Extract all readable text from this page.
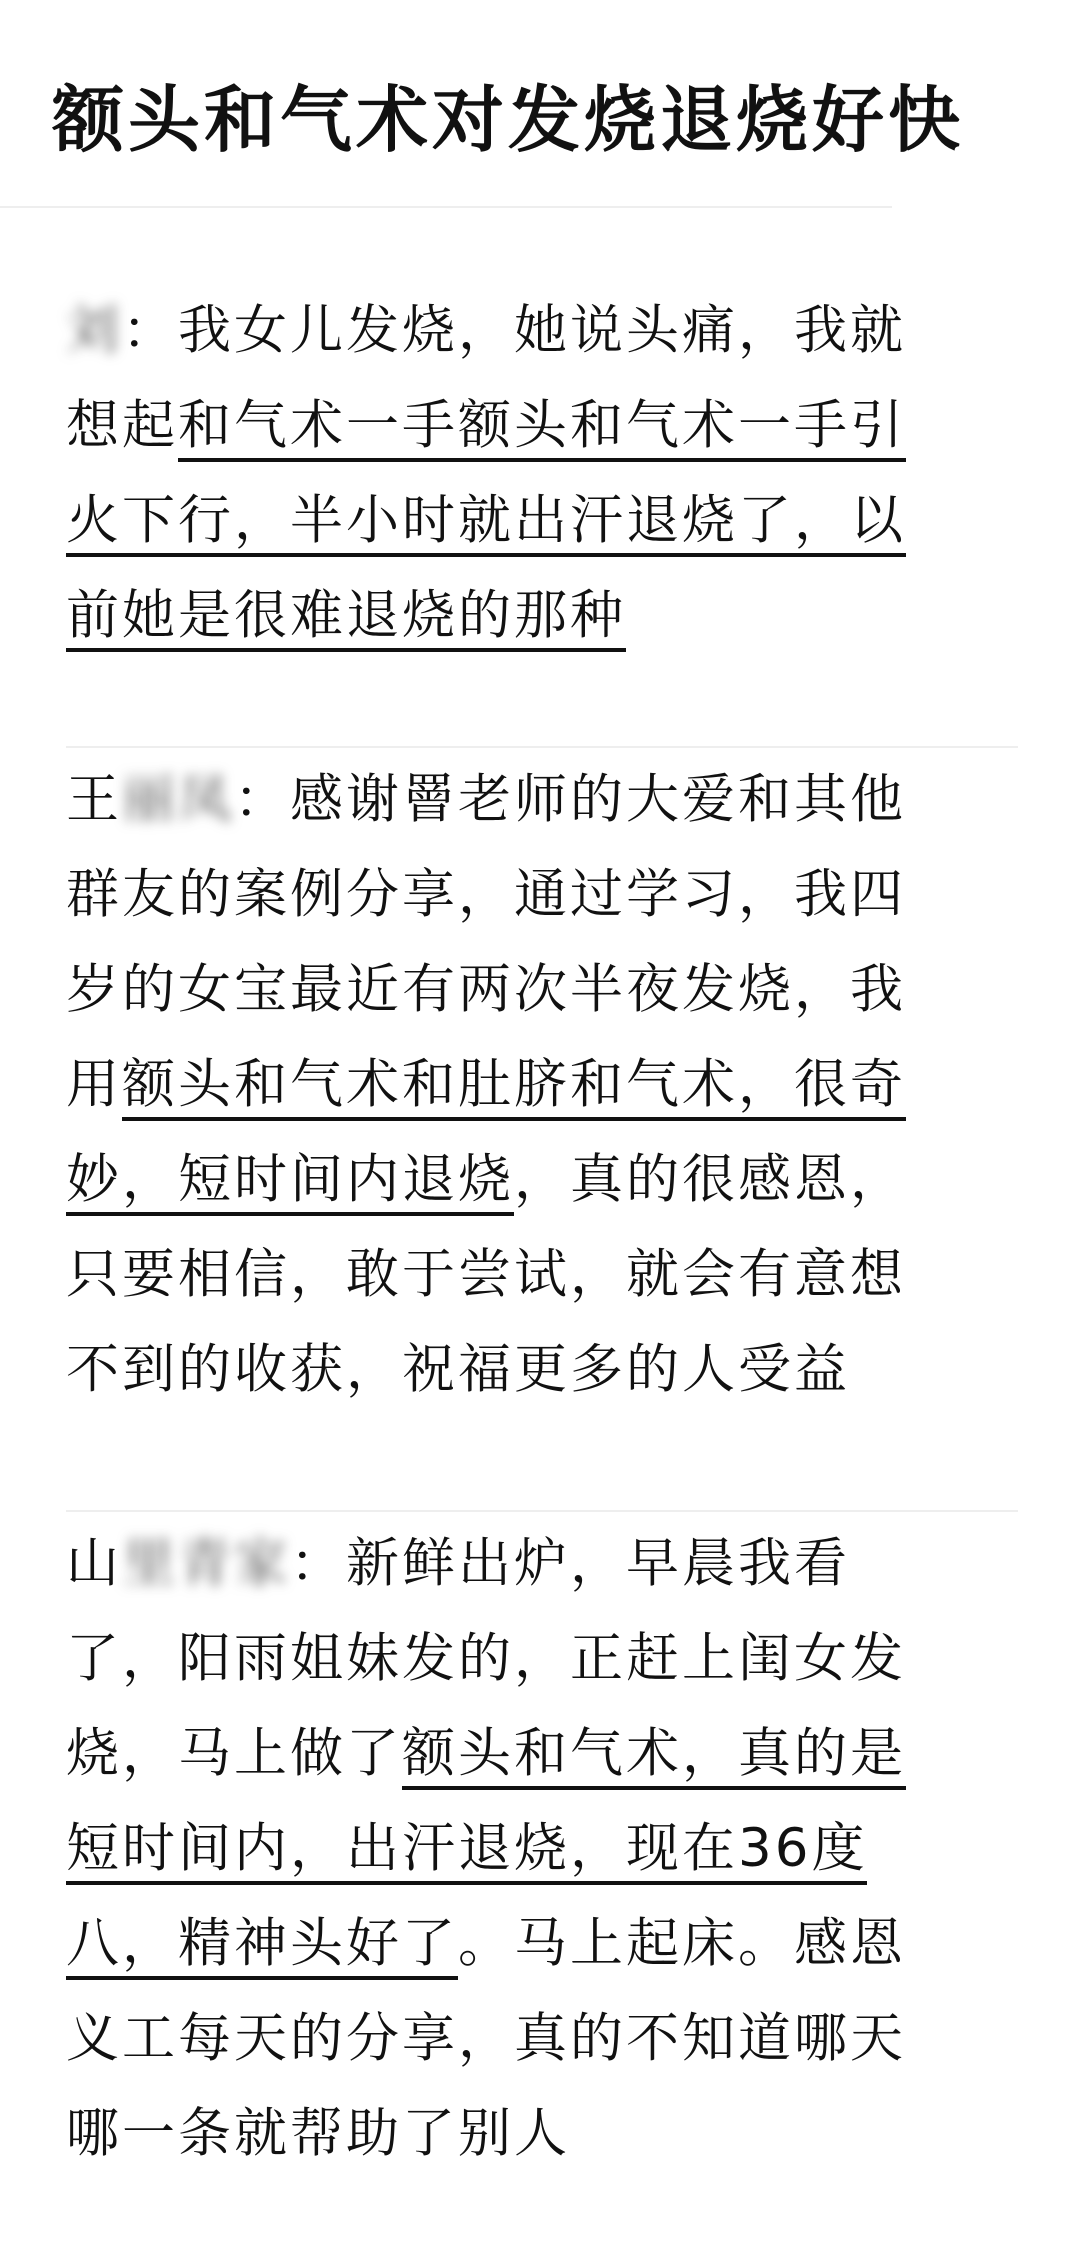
额头和气术对发烧退烧好快
刘：我女儿发烧，她说头痛，我就
想起和气术一手额头和气术一手引
火下行，半小时就出汗退烧了，以
前她是很难退烧的那种
王丽凤：感谢罾老师的大爱和其他
群友的案例分享，通过学习，我四
岁的女宝最近有两次半夜发烧，我
用额头和气术和肚脐和气术，很奇
妙，短时间内退烧，真的很感恩，
只要相信，敢于尝试，就会有意想
不到的收获，祝福更多的人受益
山里青家：新鲜出炉，早晨我看
了，阳雨姐妹发的，正赶上闺女发
烧，马上做了额头和气术，真的是
短时间内，出汗退烧，现在36度
八，精神头好了。马上起床。感恩
义工每天的分享，真的不知道哪天
哪一条就帮助了别人
